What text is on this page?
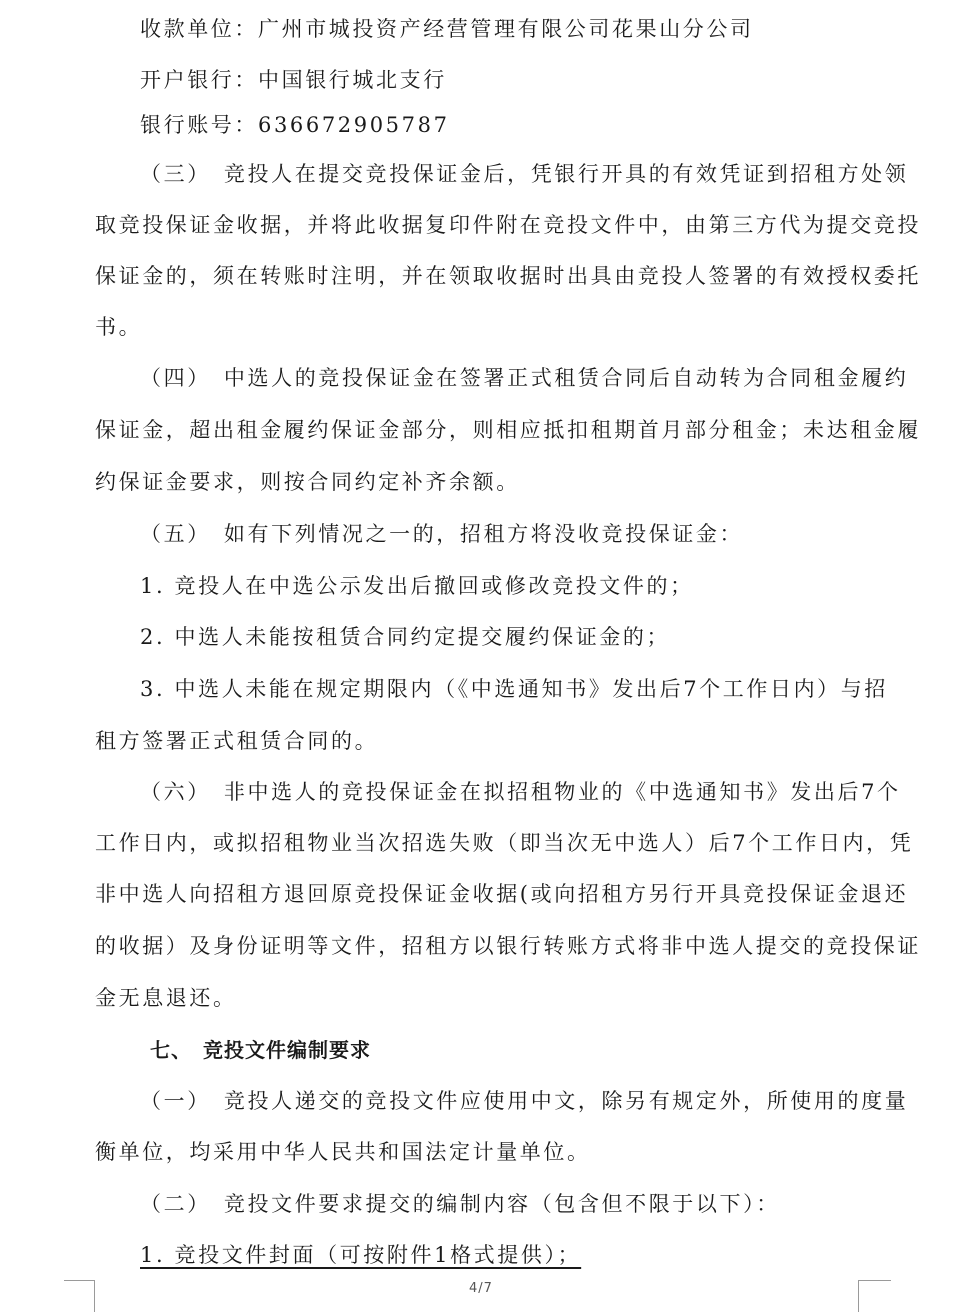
收款单位：广州市城投资产经营管理有限公司花果山分公司
开户银行：中国银行城北支行
银行账号：636672905787
（三）　竞投人在提交竞投保证金后，凭银行开具的有效凭证到招租方处领
取竞投保证金收据，并将此收据复印件附在竞投文件中，由第三方代为提交竞投
保证金的，须在转账时注明，并在领取收据时出具由竞投人签署的有效授权委托
书。
（四）　中选人的竞投保证金在签署正式租赁合同后自动转为合同租金履约
保证金，超出租金履约保证金部分，则相应抵扣租期首月部分租金；未达租金履
约保证金要求，则按合同约定补齐余额。
（五）　如有下列情况之一的，招租方将没收竞投保证金：
1. 竞投人在中选公示发出后撤回或修改竞投文件的；
2. 中选人未能按租赁合同约定提交履约保证金的；
3. 中选人未能在规定期限内（《中选通知书》发出后7个工作日内）与招
租方签署正式租赁合同的。
（六）　非中选人的竞投保证金在拟招租物业的《中选通知书》发出后7个
工作日内，或拟招租物业当次招选失败（即当次无中选人）后7个工作日内，凭
非中选人向招租方退回原竞投保证金收据(或向招租方另行开具竞投保证金退还
的收据）及身份证明等文件，招租方以银行转账方式将非中选人提交的竞投保证
金无息退还。
七、　竞投文件编制要求
（一）　竞投人递交的竞投文件应使用中文，除另有规定外，所使用的度量
衡单位，均采用中华人民共和国法定计量单位。
（二）　竞投文件要求提交的编制内容（包含但不限于以下）：
1. 竞投文件封面（可按附件1格式提供）；
4/7
